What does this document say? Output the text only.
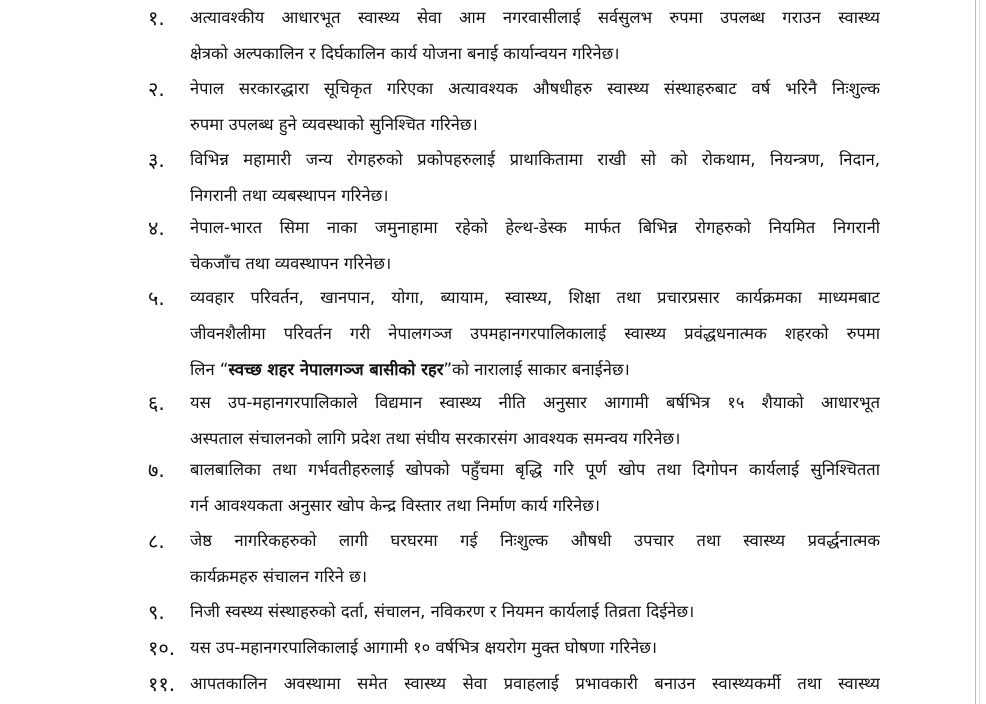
१. अत्यावश्कीय आधारभूत स्वास्थ्य सेवा आम नगरवासीलाई सर्वसुलभ रुपमा उपलब्ध गराउन स्वास्थ्य
क्षेत्रको अल्पकालिन र दिर्घकालिन कार्य योजना बनाई कार्यान्वयन गरिनेछ।
२. नेपाल सरकारद्धारा सूचिकृत गरिएका अत्यावश्यक औषधीहरु स्वास्थ्य संस्थाहरुबाट वर्ष भरिनै निःशुल्क
रुपमा उपलब्ध हुने व्यवस्थाको सुनिश्चित गरिनेछ।
३. विभिन्न महामारी जन्य रोगहरुको प्रकोपहरुलाई प्राथाकितामा राखी सो को रोकथाम, नियन्त्रण, निदान,
निगरानी तथा व्यबस्थापन गरिनेछ।
४. नेपाल-भारत सिमा नाका जमुनाहामा रहेको हेल्थ-डेस्क मार्फत बिभिन्न रोगहरुको नियमित निगरानी
चेकजाँच तथा व्यवस्थापन गरिनेछ।
५. व्यवहार परिवर्तन, खानपान, योगा, ब्यायाम, स्वास्थ्य, शिक्षा तथा प्रचारप्रसार कार्यक्रमका माध्यमबाट
जीवनशैलीमा परिवर्तन गरी नेपालगञ्ज उपमहानगरपालिकालाई स्वास्थ्य प्रवंद्धधनात्मक शहरको रुपमा
लिन “स्वच्छ शहर नेपालगञ्ज बासीको रहर”को नारालाई साकार बनाईनेछ।
६. यस उप-महानगरपालिकाले विद्यमान स्वास्थ्य नीति अनुसार आगामी बर्षभित्र १५ शैयाको आधारभूत
अस्पताल संचालनको लागि प्रदेश तथा संघीय सरकारसंग आवश्यक समन्वय गरिनेछ।
७. बालबालिका तथा गर्भवतीहरुलाई खोपको पहुँचमा बृद्धि गरि पूर्ण खोप तथा दिगोपन कार्यलाई सुनिश्चितता
गर्न आवश्यकता अनुसार खोप केन्द्र विस्तार तथा निर्माण कार्य गरिनेछ।
८. जेष्ठ नागरिकहरुको लागी घरघरमा गई निःशुल्क औषधी उपचार तथा स्वास्थ्य प्रवर्द्धनात्मक
कार्यक्रमहरु संचालन गरिने छ।
९. निजी स्वस्थ्य संस्थाहरुको दर्ता, संचालन, नविकरण र नियमन कार्यलाई तिव्रता दिईनेछ।
१०. यस उप-महानगरपालिकालाई आगामी १० वर्षभित्र क्षयरोग मुक्त घोषणा गरिनेछ।
११. आपतकालिन अवस्थामा समेत स्वास्थ्य सेवा प्रवाहलाई प्रभावकारी बनाउन स्वास्थ्यकर्मी तथा स्वास्थ्य
